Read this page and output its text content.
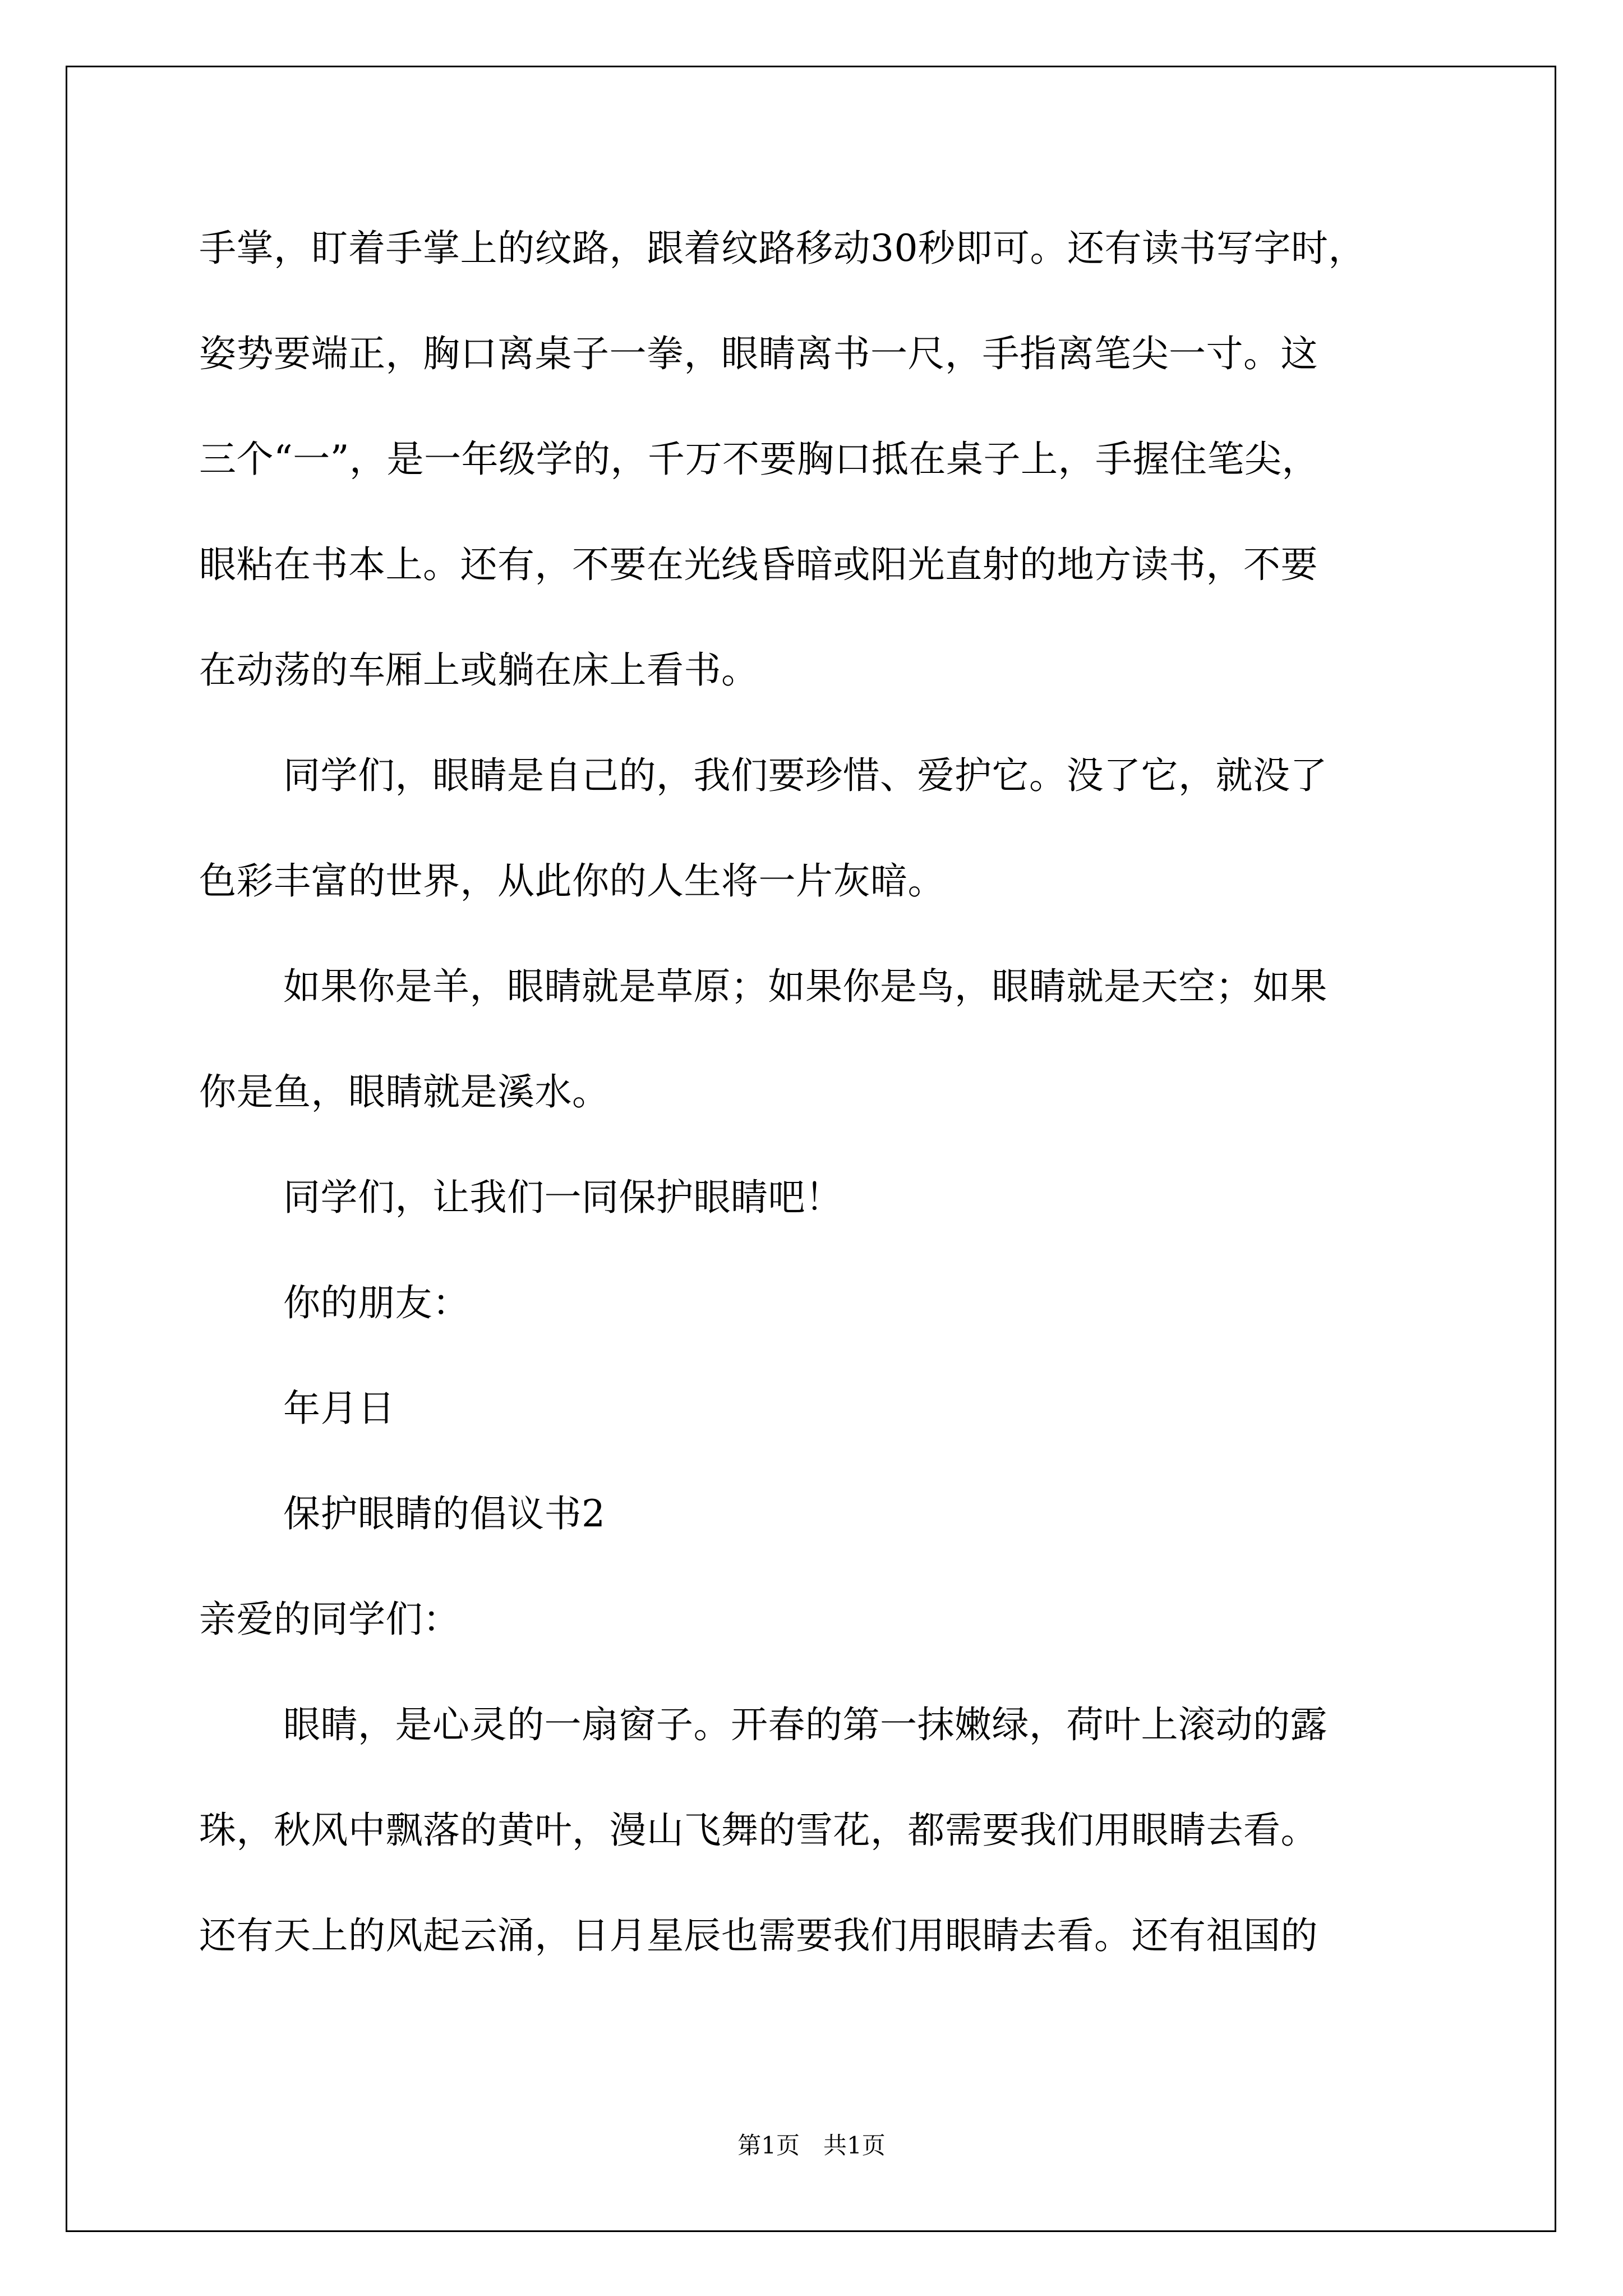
手掌，盯着手掌上的纹路，跟着纹路移动30秒即可。还有读书写字时，
姿势要端正，胸口离桌子一拳，眼睛离书一尺，手指离笔尖一寸。这
三个“一”，是一年级学的，千万不要胸口抵在桌子上，手握住笔尖，
眼粘在书本上。还有，不要在光线昏暗或阳光直射的地方读书，不要
在动荡的车厢上或躺在床上看书。
同学们，眼睛是自己的，我们要珍惜、爱护它。没了它，就没了
色彩丰富的世界，从此你的人生将一片灰暗。
如果你是羊，眼睛就是草原；如果你是鸟，眼睛就是天空；如果
你是鱼，眼睛就是溪水。
同学们，让我们一同保护眼睛吧！
你的朋友：
年月日
保护眼睛的倡议书2
亲爱的同学们：
眼睛，是心灵的一扇窗子。开春的第一抹嫩绿，荷叶上滚动的露
珠，秋风中飘落的黄叶，漫山飞舞的雪花，都需要我们用眼睛去看。
还有天上的风起云涌，日月星辰也需要我们用眼睛去看。还有祖国的
第1页　共1页
